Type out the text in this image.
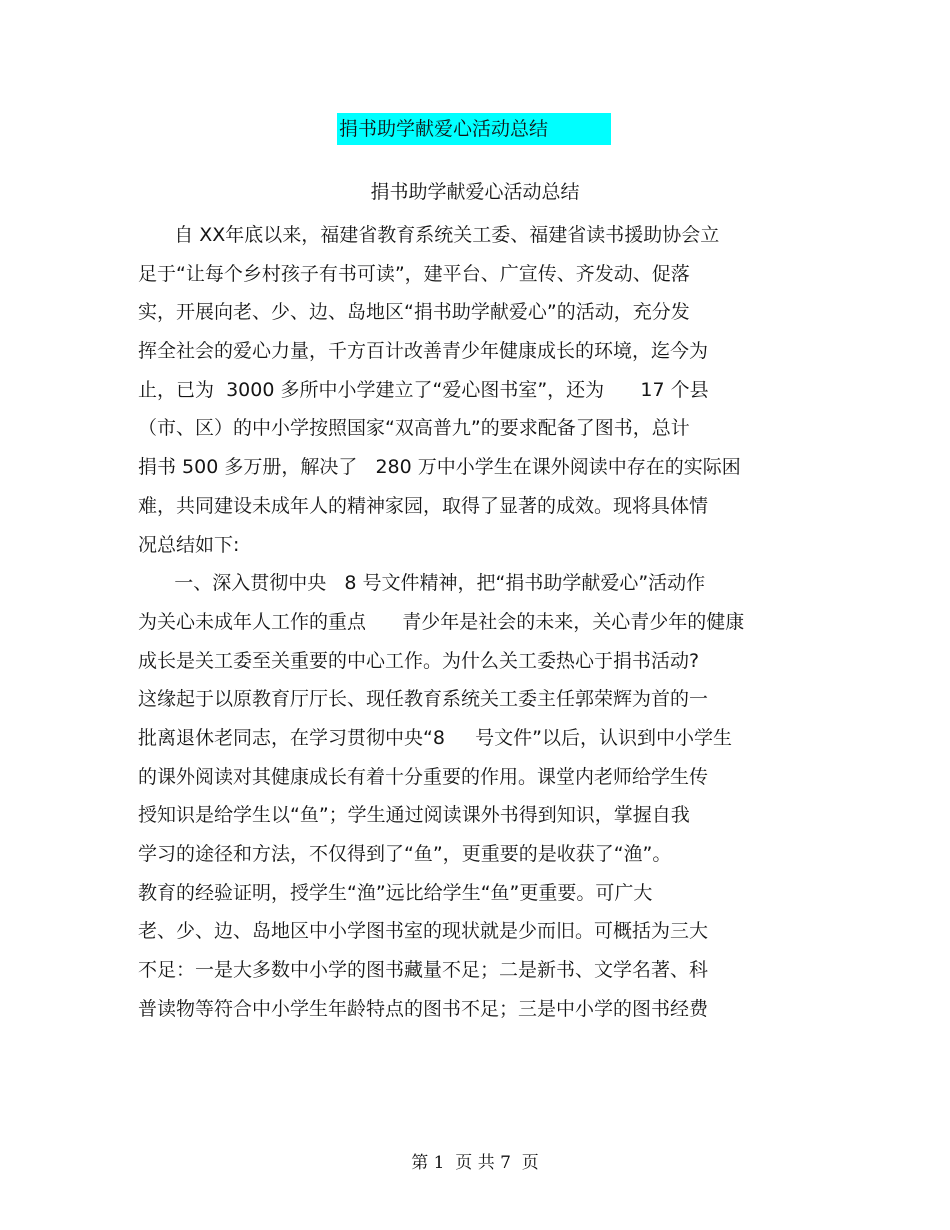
捐书助学献爱心活动总结
捐书助学献爱心活动总结
自 XX年底以来，福建省教育系统关工委、福建省读书援助协会立
足于“让每个乡村孩子有书可读”，建平台、广宣传、齐发动、促落
实，开展向老、少、边、岛地区“捐书助学献爱心”的活动，充分发
挥全社会的爱心力量，千方百计改善青少年健康成长的环境，迄今为
止，已为  3000 多所中小学建立了“爱心图书室”，还为      17 个县
（市、区）的中小学按照国家“双高普九”的要求配备了图书，总计
捐书 500 多万册，解决了   280 万中小学生在课外阅读中存在的实际困
难，共同建设未成年人的精神家园，取得了显著的成效。现将具体情
况总结如下:
一、深入贯彻中央   8 号文件精神，把“捐书助学献爱心”活动作
为关心未成年人工作的重点      青少年是社会的未来，关心青少年的健康
成长是关工委至关重要的中心工作。为什么关工委热心于捐书活动?
这缘起于以原教育厅厅长、现任教育系统关工委主任郭荣辉为首的一
批离退休老同志，在学习贯彻中央“8     号文件”以后，认识到中小学生
的课外阅读对其健康成长有着十分重要的作用。课堂内老师给学生传
授知识是给学生以“鱼”；学生通过阅读课外书得到知识，掌握自我
学习的途径和方法，不仅得到了“鱼”，更重要的是收获了“渔”。
教育的经验证明，授学生“渔”远比给学生“鱼”更重要。可广大
老、少、边、岛地区中小学图书室的现状就是少而旧。可概括为三大
不足：一是大多数中小学的图书藏量不足；二是新书、文学名著、科
普读物等符合中小学生年龄特点的图书不足；三是中小学的图书经费
第 1  页 共 7  页
